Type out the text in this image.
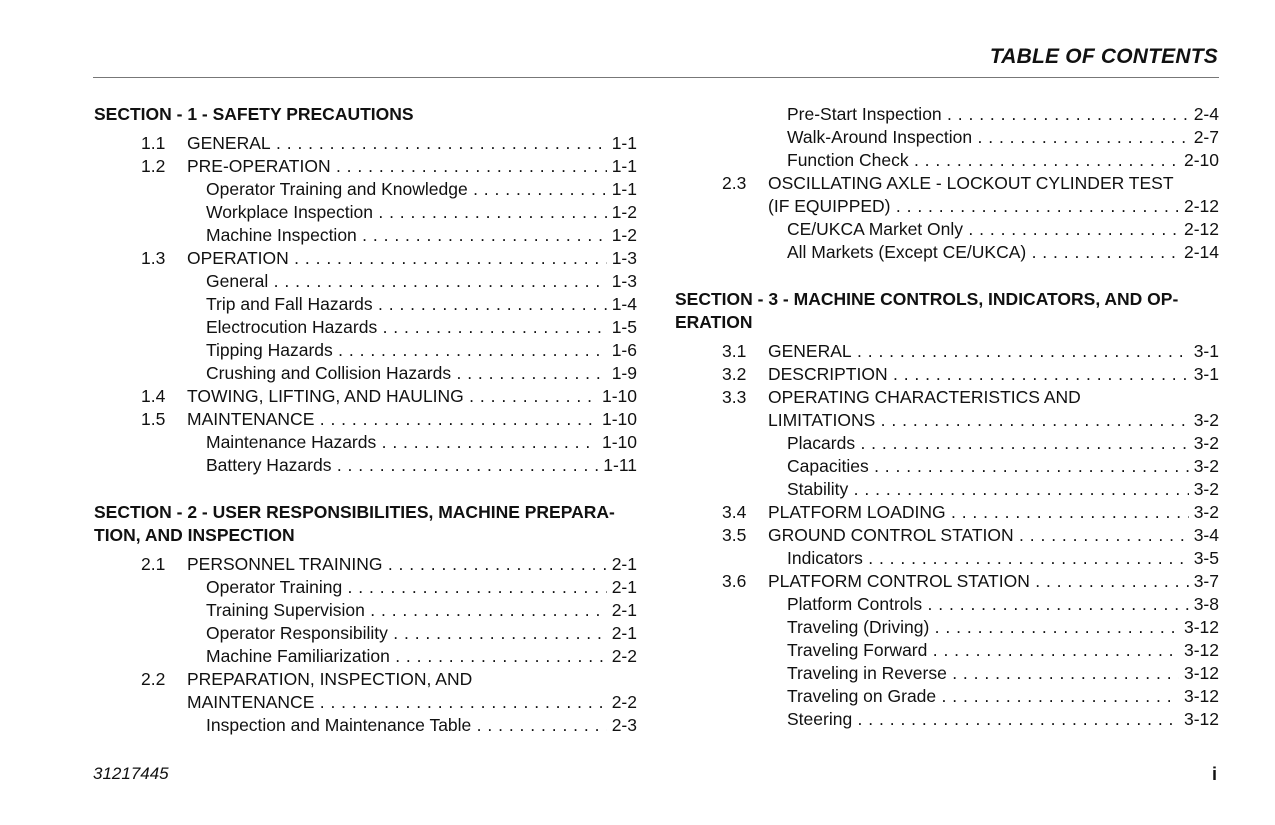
TABLE OF CONTENTS
SECTION - 1 - SAFETY PRECAUTIONS
1.1 GENERAL . . .	1-1
1.2 PRE-OPERATION . . .	1-1
Operator Training and Knowledge . . .	1-1
Workplace Inspection . . .	1-2
Machine Inspection . . .	1-2
1.3 OPERATION . . .	1-3
General . . .	1-3
Trip and Fall Hazards . . .	1-4
Electrocution Hazards . . .	1-5
Tipping Hazards . . .	1-6
Crushing and Collision Hazards . . .	1-9
1.4 TOWING, LIFTING, AND HAULING . . .	1-10
1.5 MAINTENANCE . . .	1-10
Maintenance Hazards . . .	1-10
Battery Hazards . . .	1-11
SECTION - 2 - USER RESPONSIBILITIES, MACHINE PREPARA-
TION, AND INSPECTION
2.1 PERSONNEL TRAINING . . .	2-1
Operator Training . . .	2-1
Training Supervision . . .	2-1
Operator Responsibility . . .	2-1
Machine Familiarization . . .	2-2
2.2 PREPARATION, INSPECTION, AND
MAINTENANCE . . .	2-2
Inspection and Maintenance Table . . .	2-3
Pre-Start Inspection . . .	2-4
Walk-Around Inspection . . .	2-7
Function Check . . .	2-10
2.3 OSCILLATING AXLE - LOCKOUT CYLINDER TEST
(IF EQUIPPED) . . .	2-12
CE/UKCA Market Only . . .	2-12
All Markets (Except CE/UKCA) . . .	2-14
SECTION - 3 - MACHINE CONTROLS, INDICATORS, AND OP-
ERATION
3.1 GENERAL . . .	3-1
3.2 DESCRIPTION . . .	3-1
3.3 OPERATING CHARACTERISTICS AND
LIMITATIONS . . .	3-2
Placards . . .	3-2
Capacities . . .	3-2
Stability . . .	3-2
3.4 PLATFORM LOADING . . .	3-2
3.5 GROUND CONTROL STATION . . .	3-4
Indicators . . .	3-5
3.6 PLATFORM CONTROL STATION . . .	3-7
Platform Controls . . .	3-8
Traveling (Driving) . . .	3-12
Traveling Forward . . .	3-12
Traveling in Reverse . . .	3-12
Traveling on Grade . . .	3-12
Steering . . .	3-12
31217445	i
